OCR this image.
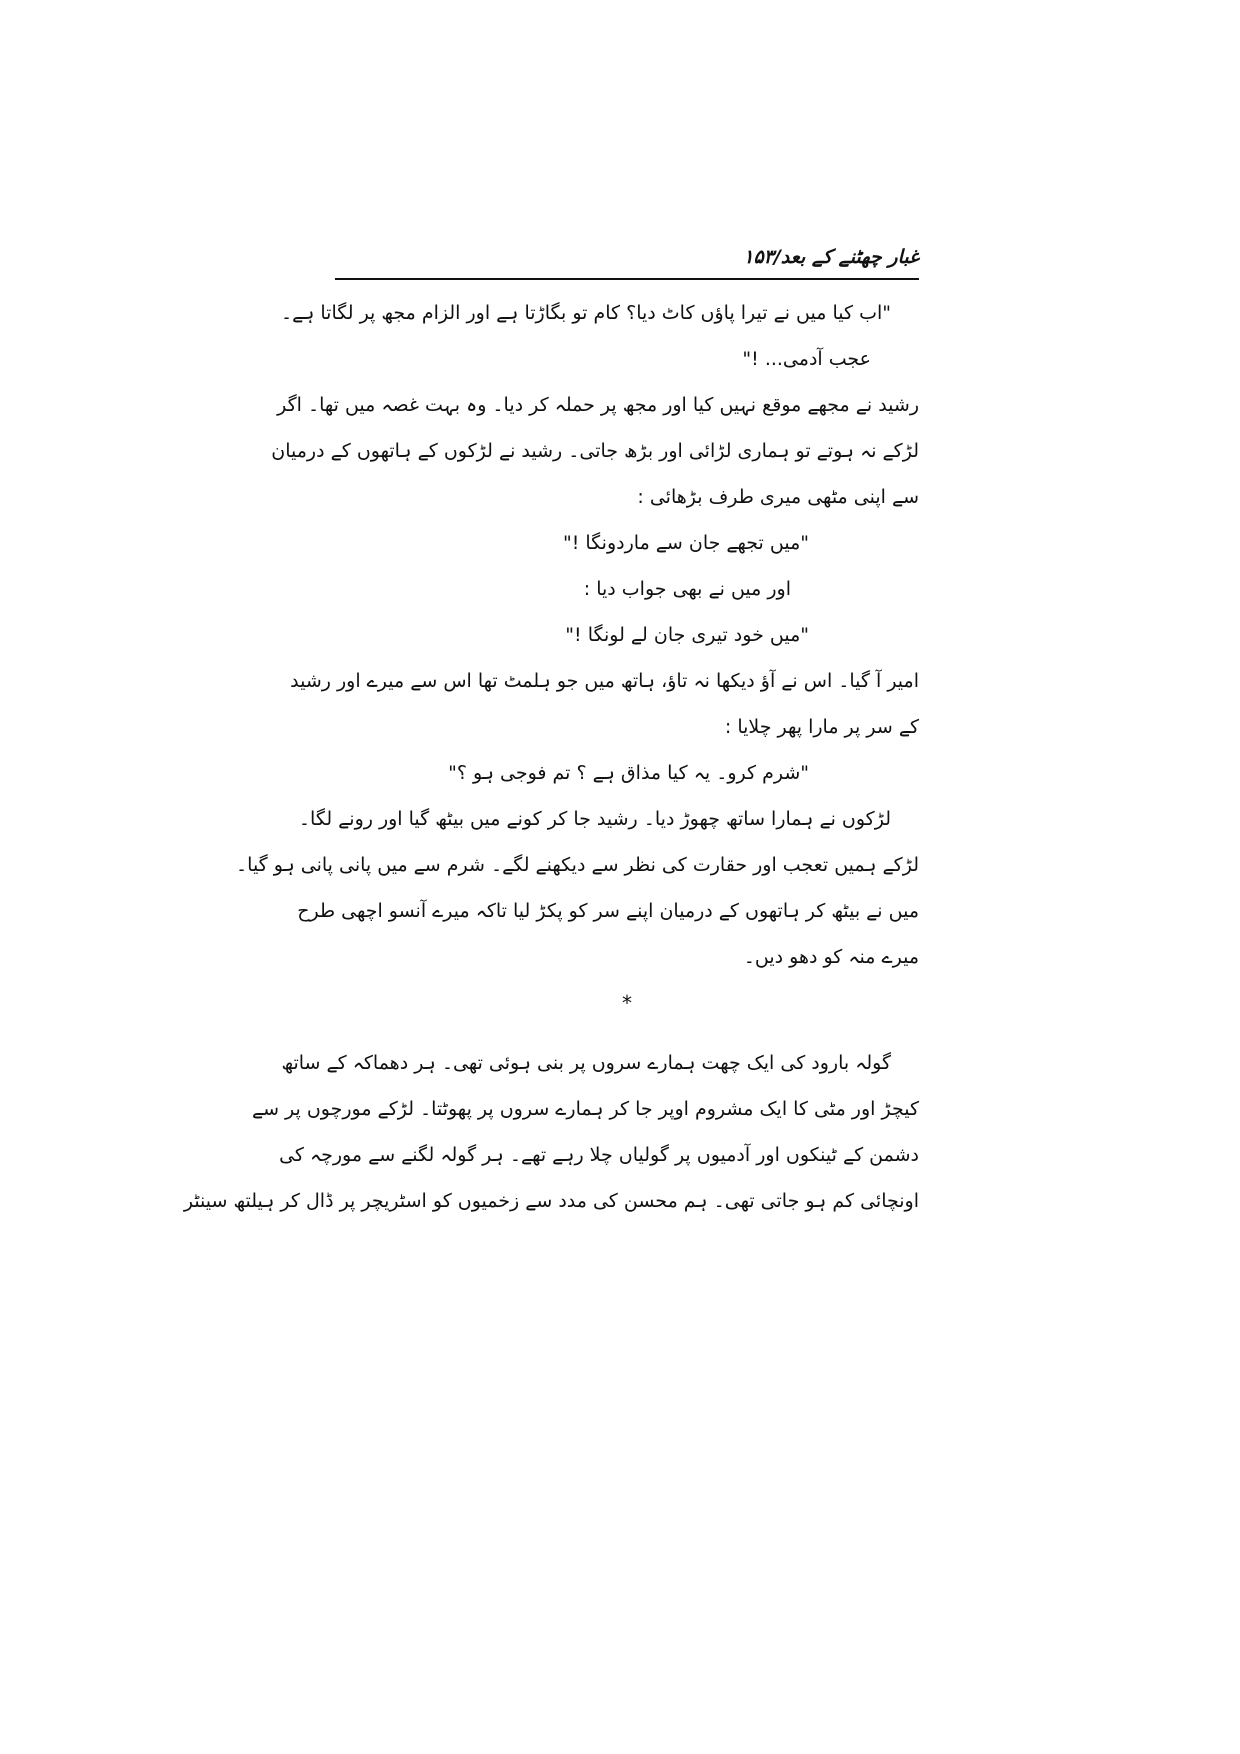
غبار چھٹنے کے بعد/۱۵۳
"اب کیا میں نے تیرا پاؤں کاٹ دیا؟ کام تو بگاڑتا ہے اور الزام مجھ پر لگاتا ہے۔
عجب آدمی... !"
رشید نے مجھے موقع نہیں کیا اور مجھ پر حملہ کر دیا۔ وہ بہت غصہ میں تھا۔ اگر
لڑکے نہ ہوتے تو ہماری لڑائی اور بڑھ جاتی۔ رشید نے لڑکوں کے ہاتھوں کے درمیان
سے اپنی مٹھی میری طرف بڑھائی :
"میں تجھے جان سے ماردونگا !"
اور میں نے بھی جواب دیا :
"میں خود تیری جان لے لونگا !"
امیر آ گیا۔ اس نے آؤ دیکھا نہ تاؤ، ہاتھ میں جو ہلمٹ تھا اس سے میرے اور رشید
کے سر پر مارا پھر چلایا :
"شرم کرو۔ یہ کیا مذاق ہے ؟ تم فوجی ہو ؟"
لڑکوں نے ہمارا ساتھ چھوڑ دیا۔ رشید جا کر کونے میں بیٹھ گیا اور رونے لگا۔
لڑکے ہمیں تعجب اور حقارت کی نظر سے دیکھنے لگے۔ شرم سے میں پانی پانی ہو گیا۔
میں نے بیٹھ کر ہاتھوں کے درمیان اپنے سر کو پکڑ لیا تاکہ میرے آنسو اچھی طرح
میرے منہ کو دھو دیں۔
*
گولہ بارود کی ایک چھت ہمارے سروں پر بنی ہوئی تھی۔ ہر دھماکہ کے ساتھ
کیچڑ اور مٹی کا ایک مشروم اوپر جا کر ہمارے سروں پر پھوٹتا۔ لڑکے مورچوں پر سے
دشمن کے ٹینکوں اور آدمیوں پر گولیاں چلا رہے تھے۔ ہر گولہ لگنے سے مورچہ کی
اونچائی کم ہو جاتی تھی۔ ہم محسن کی مدد سے زخمیوں کو اسٹریچر پر ڈال کر ہیلتھ سینٹر
